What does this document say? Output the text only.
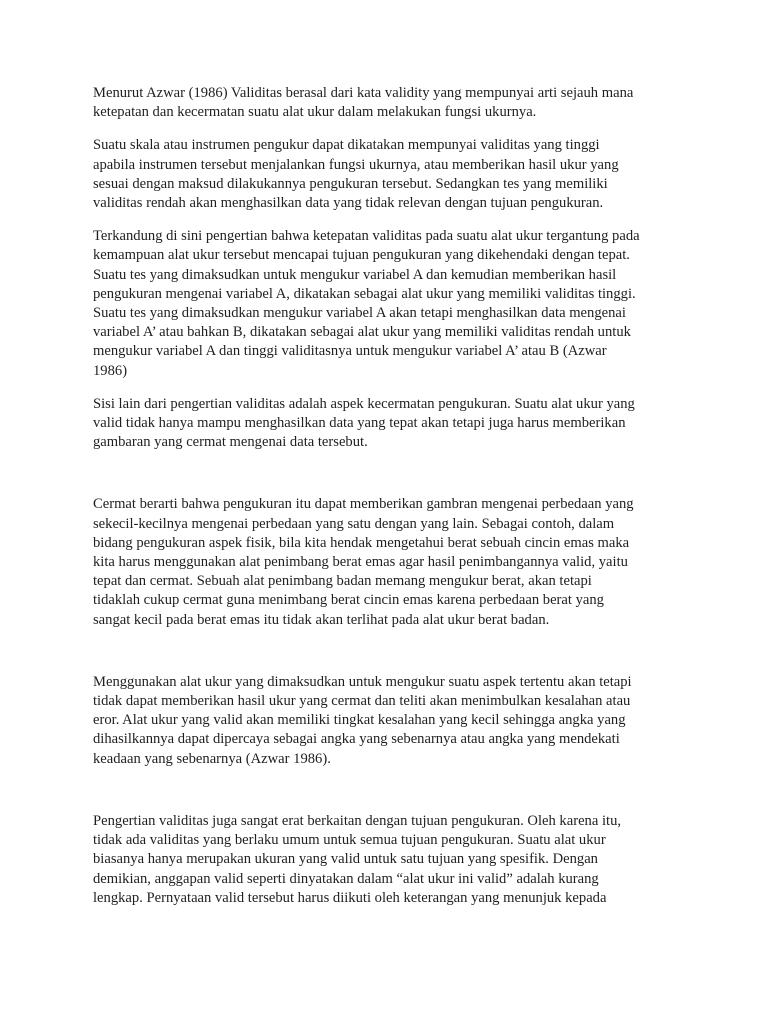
Menurut Azwar (1986) Validitas berasal dari kata validity yang mempunyai arti sejauh mana
ketepatan dan kecermatan suatu alat ukur dalam melakukan fungsi ukurnya.

Suatu skala atau instrumen pengukur dapat dikatakan mempunyai validitas yang tinggi
apabila instrumen tersebut menjalankan fungsi ukurnya, atau memberikan hasil ukur yang
sesuai dengan maksud dilakukannya pengukuran tersebut. Sedangkan tes yang memiliki
validitas rendah akan menghasilkan data yang tidak relevan dengan tujuan pengukuran.

Terkandung di sini pengertian bahwa ketepatan validitas pada suatu alat ukur tergantung pada
kemampuan alat ukur tersebut mencapai tujuan pengukuran yang dikehendaki dengan tepat.
Suatu tes yang dimaksudkan untuk mengukur variabel A dan kemudian memberikan hasil
pengukuran mengenai variabel A, dikatakan sebagai alat ukur yang memiliki validitas tinggi.
Suatu tes yang dimaksudkan mengukur variabel A akan tetapi menghasilkan data mengenai
variabel A’ atau bahkan B, dikatakan sebagai alat ukur yang memiliki validitas rendah untuk
mengukur variabel A dan tinggi validitasnya untuk mengukur variabel A’ atau B (Azwar
1986)

Sisi lain dari pengertian validitas adalah aspek kecermatan pengukuran. Suatu alat ukur yang
valid tidak hanya mampu menghasilkan data yang tepat akan tetapi juga harus memberikan
gambaran yang cermat mengenai data tersebut.

Cermat berarti bahwa pengukuran itu dapat memberikan gambran mengenai perbedaan yang
sekecil-kecilnya mengenai perbedaan yang satu dengan yang lain. Sebagai contoh, dalam
bidang pengukuran aspek fisik, bila kita hendak mengetahui berat sebuah cincin emas maka
kita harus menggunakan alat penimbang berat emas agar hasil penimbangannya valid, yaitu
tepat dan cermat. Sebuah alat penimbang badan memang mengukur berat, akan tetapi
tidaklah cukup cermat guna menimbang berat cincin emas karena perbedaan berat yang
sangat kecil pada berat emas itu tidak akan terlihat pada alat ukur berat badan.

Menggunakan alat ukur yang dimaksudkan untuk mengukur suatu aspek tertentu akan tetapi
tidak dapat memberikan hasil ukur yang cermat dan teliti akan menimbulkan kesalahan atau
eror. Alat ukur yang valid akan memiliki tingkat kesalahan yang kecil sehingga angka yang
dihasilkannya dapat dipercaya sebagai angka yang sebenarnya atau angka yang mendekati
keadaan yang sebenarnya (Azwar 1986).

Pengertian validitas juga sangat erat berkaitan dengan tujuan pengukuran. Oleh karena itu,
tidak ada validitas yang berlaku umum untuk semua tujuan pengukuran. Suatu alat ukur
biasanya hanya merupakan ukuran yang valid untuk satu tujuan yang spesifik. Dengan
demikian, anggapan valid seperti dinyatakan dalam “alat ukur ini valid” adalah kurang
lengkap. Pernyataan valid tersebut harus diikuti oleh keterangan yang menunjuk kepada
